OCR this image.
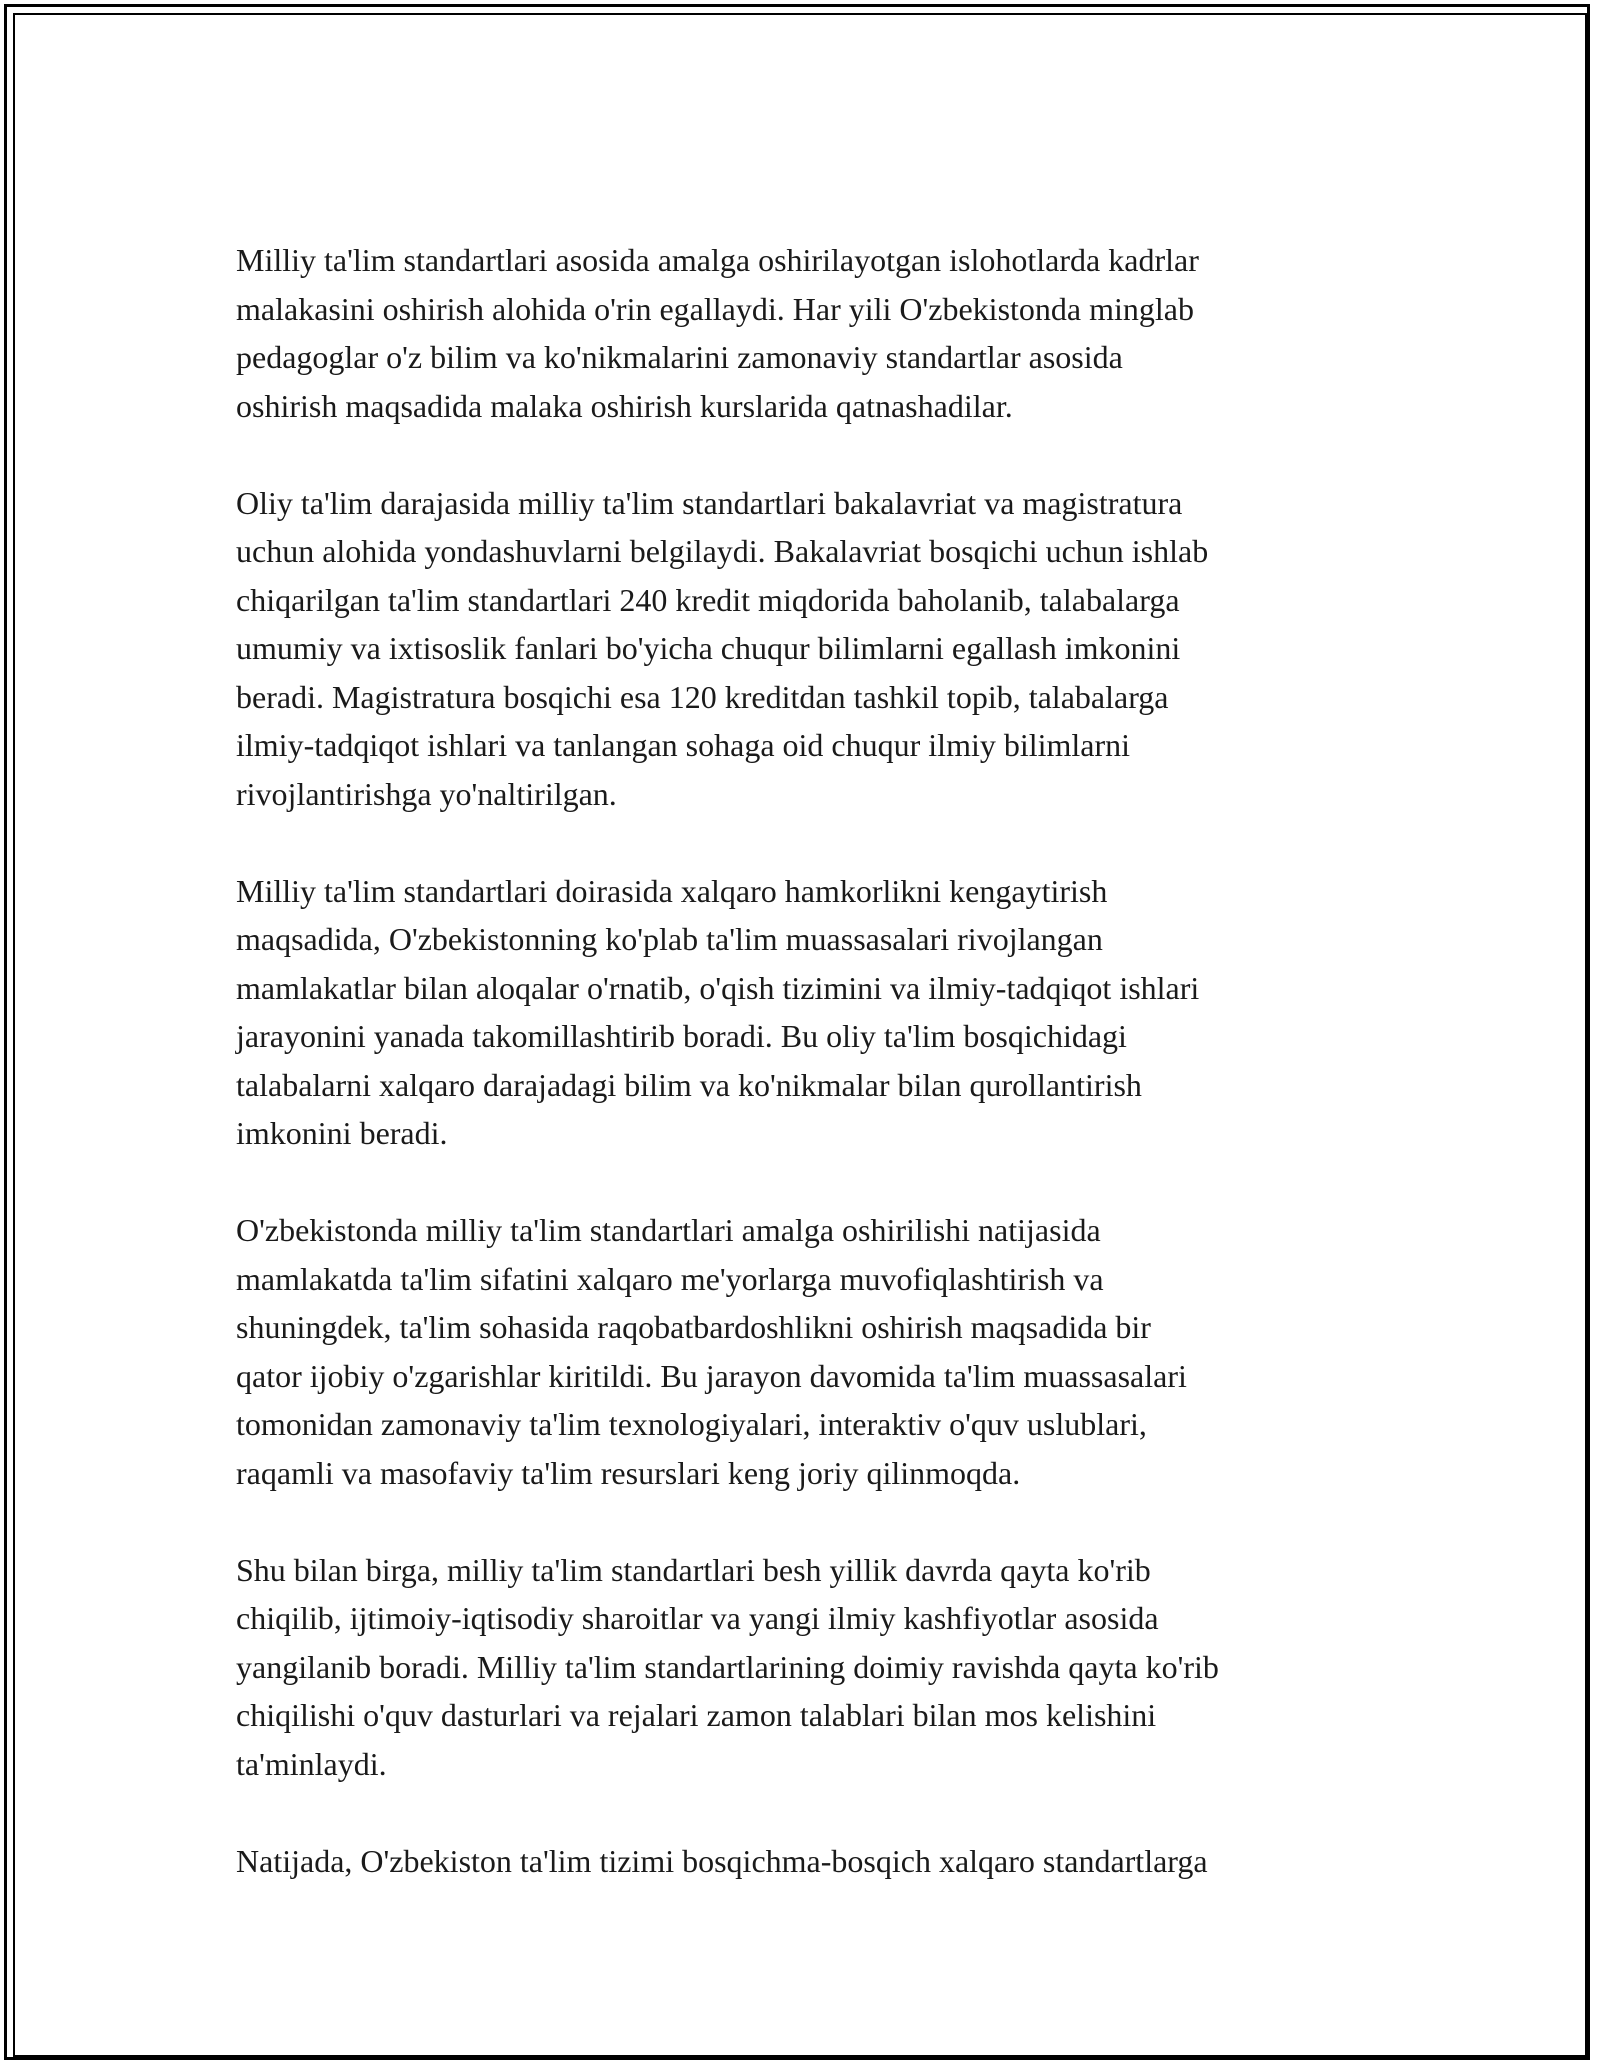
Milliy ta'lim standartlari asosida amalga oshirilayotgan islohotlarda kadrlar
malakasini oshirish alohida o'rin egallaydi. Har yili O'zbekistonda minglab
pedagoglar o'z bilim va ko'nikmalarini zamonaviy standartlar asosida
oshirish maqsadida malaka oshirish kurslarida qatnashadilar.

Oliy ta'lim darajasida milliy ta'lim standartlari bakalavriat va magistratura
uchun alohida yondashuvlarni belgilaydi. Bakalavriat bosqichi uchun ishlab
chiqarilgan ta'lim standartlari 240 kredit miqdorida baholanib, talabalarga
umumiy va ixtisoslik fanlari bo'yicha chuqur bilimlarni egallash imkonini
beradi. Magistratura bosqichi esa 120 kreditdan tashkil topib, talabalarga
ilmiy-tadqiqot ishlari va tanlangan sohaga oid chuqur ilmiy bilimlarni
rivojlantirishga yo'naltirilgan.

Milliy ta'lim standartlari doirasida xalqaro hamkorlikni kengaytirish
maqsadida, O'zbekistonning ko'plab ta'lim muassasalari rivojlangan
mamlakatlar bilan aloqalar o'rnatib, o'qish tizimini va ilmiy-tadqiqot ishlari
jarayonini yanada takomillashtirib boradi. Bu oliy ta'lim bosqichidagi
talabalarni xalqaro darajadagi bilim va ko'nikmalar bilan qurollantirish
imkonini beradi.

O'zbekistonda milliy ta'lim standartlari amalga oshirilishi natijasida
mamlakatda ta'lim sifatini xalqaro me'yorlarga muvofiqlashtirish va
shuningdek, ta'lim sohasida raqobatbardoshlikni oshirish maqsadida bir
qator ijobiy o'zgarishlar kiritildi. Bu jarayon davomida ta'lim muassasalari
tomonidan zamonaviy ta'lim texnologiyalari, interaktiv o'quv uslublari,
raqamli va masofaviy ta'lim resurslari keng joriy qilinmoqda.

Shu bilan birga, milliy ta'lim standartlari besh yillik davrda qayta ko'rib
chiqilib, ijtimoiy-iqtisodiy sharoitlar va yangi ilmiy kashfiyotlar asosida
yangilanib boradi. Milliy ta'lim standartlarining doimiy ravishda qayta ko'rib
chiqilishi o'quv dasturlari va rejalari zamon talablari bilan mos kelishini
ta'minlaydi.

Natijada, O'zbekiston ta'lim tizimi bosqichma-bosqich xalqaro standartlarga
